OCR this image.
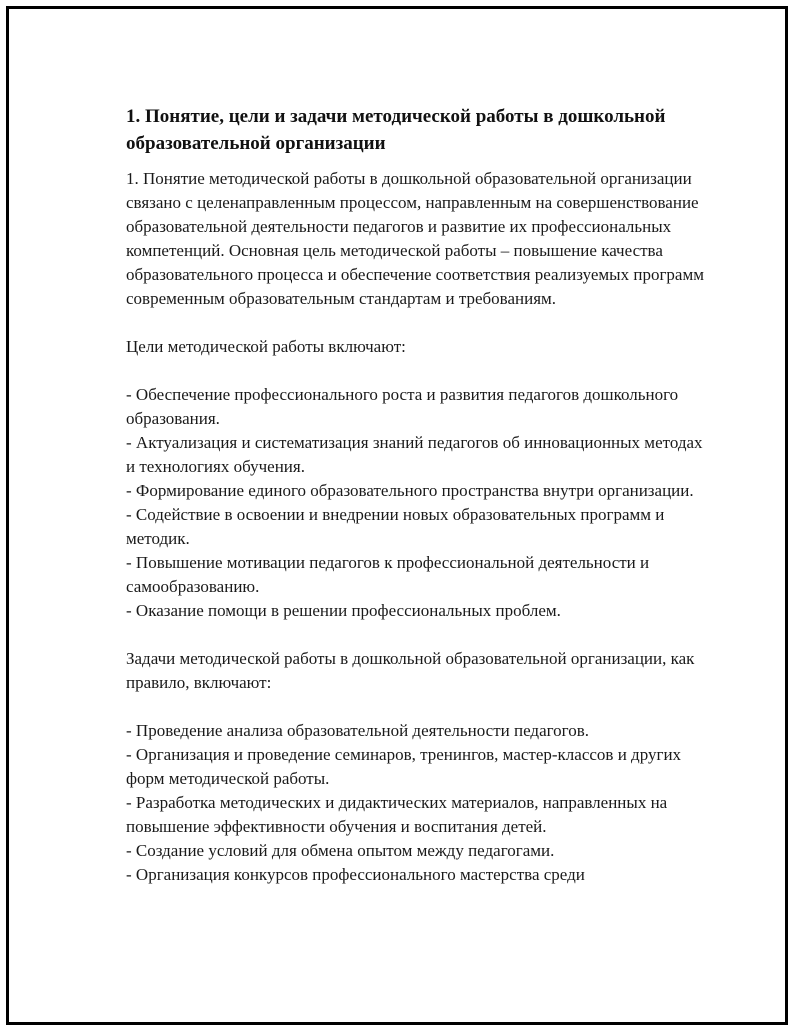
1. Понятие, цели и задачи методической работы в дошкольной образовательной организации

1. Понятие методической работы в дошкольной образовательной организации связано с целенаправленным процессом, направленным на совершенствование образовательной деятельности педагогов и развитие их профессиональных компетенций. Основная цель методической работы – повышение качества образовательного процесса и обеспечение соответствия реализуемых программ современным образовательным стандартам и требованиям.

Цели методической работы включают:

- Обеспечение профессионального роста и развития педагогов дошкольного образования.

- Актуализация и систематизация знаний педагогов об инновационных методах и технологиях обучения.

- Формирование единого образовательного пространства внутри организации.

- Содействие в освоении и внедрении новых образовательных программ и методик.

- Повышение мотивации педагогов к профессиональной деятельности и самообразованию.

- Оказание помощи в решении профессиональных проблем.

Задачи методической работы в дошкольной образовательной организации, как правило, включают:

- Проведение анализа образовательной деятельности педагогов.

- Организация и проведение семинаров, тренингов, мастер-классов и других форм методической работы.

- Разработка методических и дидактических материалов, направленных на повышение эффективности обучения и воспитания детей.

- Создание условий для обмена опытом между педагогами.

- Организация конкурсов профессионального мастерства среди
